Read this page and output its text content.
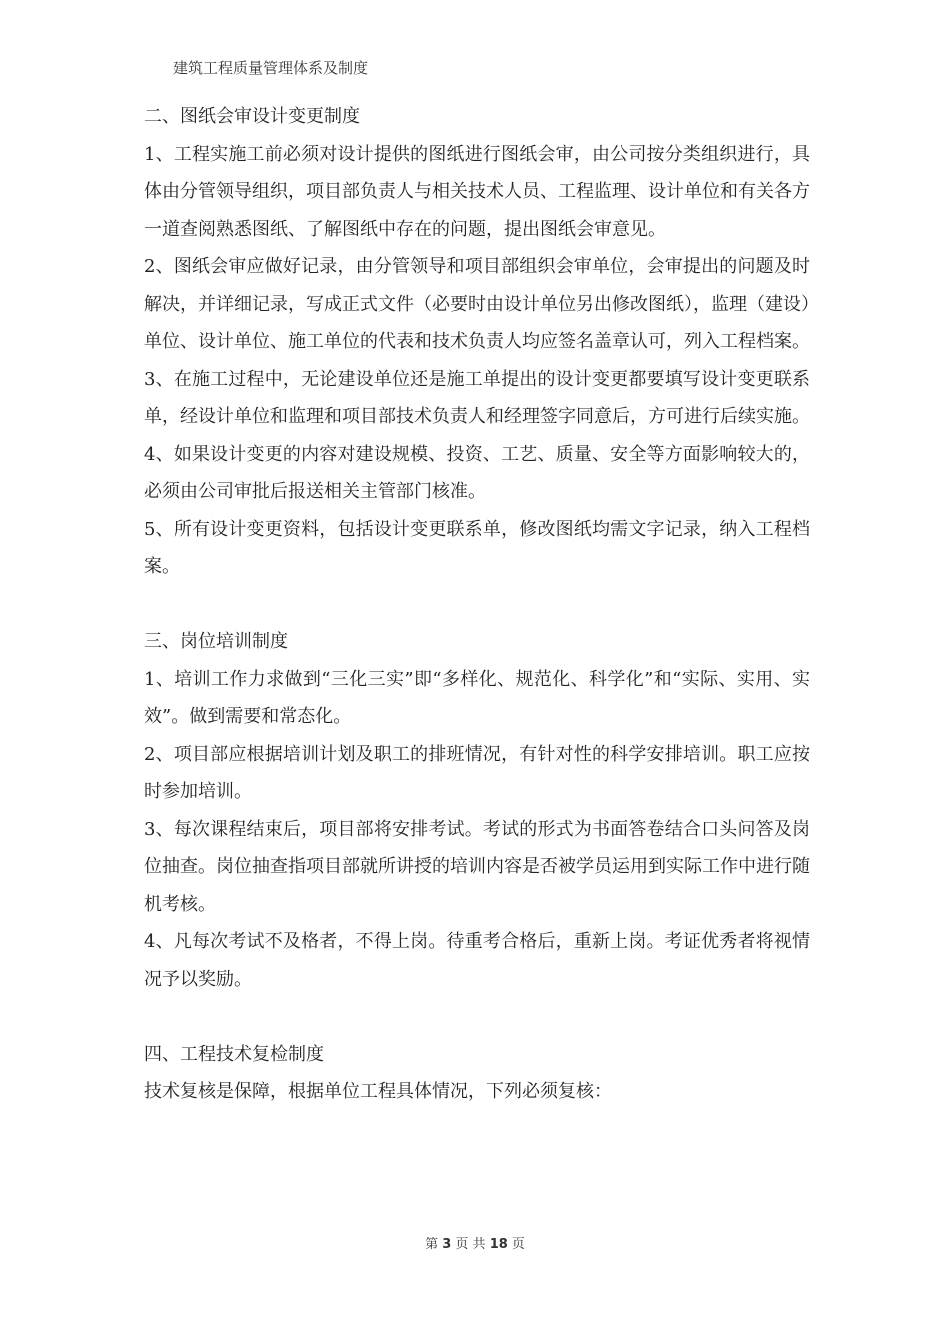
建筑工程质量管理体系及制度

二、图纸会审设计变更制度

1、工程实施工前必须对设计提供的图纸进行图纸会审，由公司按分类组织进行，具体由分管领导组织，项目部负责人与相关技术人员、工程监理、设计单位和有关各方一道查阅熟悉图纸、了解图纸中存在的问题，提出图纸会审意见。

2、图纸会审应做好记录，由分管领导和项目部组织会审单位，会审提出的问题及时解决，并详细记录，写成正式文件（必要时由设计单位另出修改图纸），监理（建设）单位、设计单位、施工单位的代表和技术负责人均应签名盖章认可，列入工程档案。

3、在施工过程中，无论建设单位还是施工单提出的设计变更都要填写设计变更联系单，经设计单位和监理和项目部技术负责人和经理签字同意后，方可进行后续实施。

4、如果设计变更的内容对建设规模、投资、工艺、质量、安全等方面影响较大的，必须由公司审批后报送相关主管部门核准。

5、所有设计变更资料，包括设计变更联系单，修改图纸均需文字记录，纳入工程档案。

三、岗位培训制度

1、培训工作力求做到“三化三实”即“多样化、规范化、科学化”和“实际、实用、实效”。做到需要和常态化。

2、项目部应根据培训计划及职工的排班情况，有针对性的科学安排培训。职工应按时参加培训。

3、每次课程结束后，项目部将安排考试。考试的形式为书面答卷结合口头问答及岗位抽查。岗位抽查指项目部就所讲授的培训内容是否被学员运用到实际工作中进行随机考核。

4、凡每次考试不及格者，不得上岗。待重考合格后，重新上岗。考证优秀者将视情况予以奖励。

四、工程技术复检制度

技术复核是保障，根据单位工程具体情况，下列必须复核：

第 3 页 共 18 页
